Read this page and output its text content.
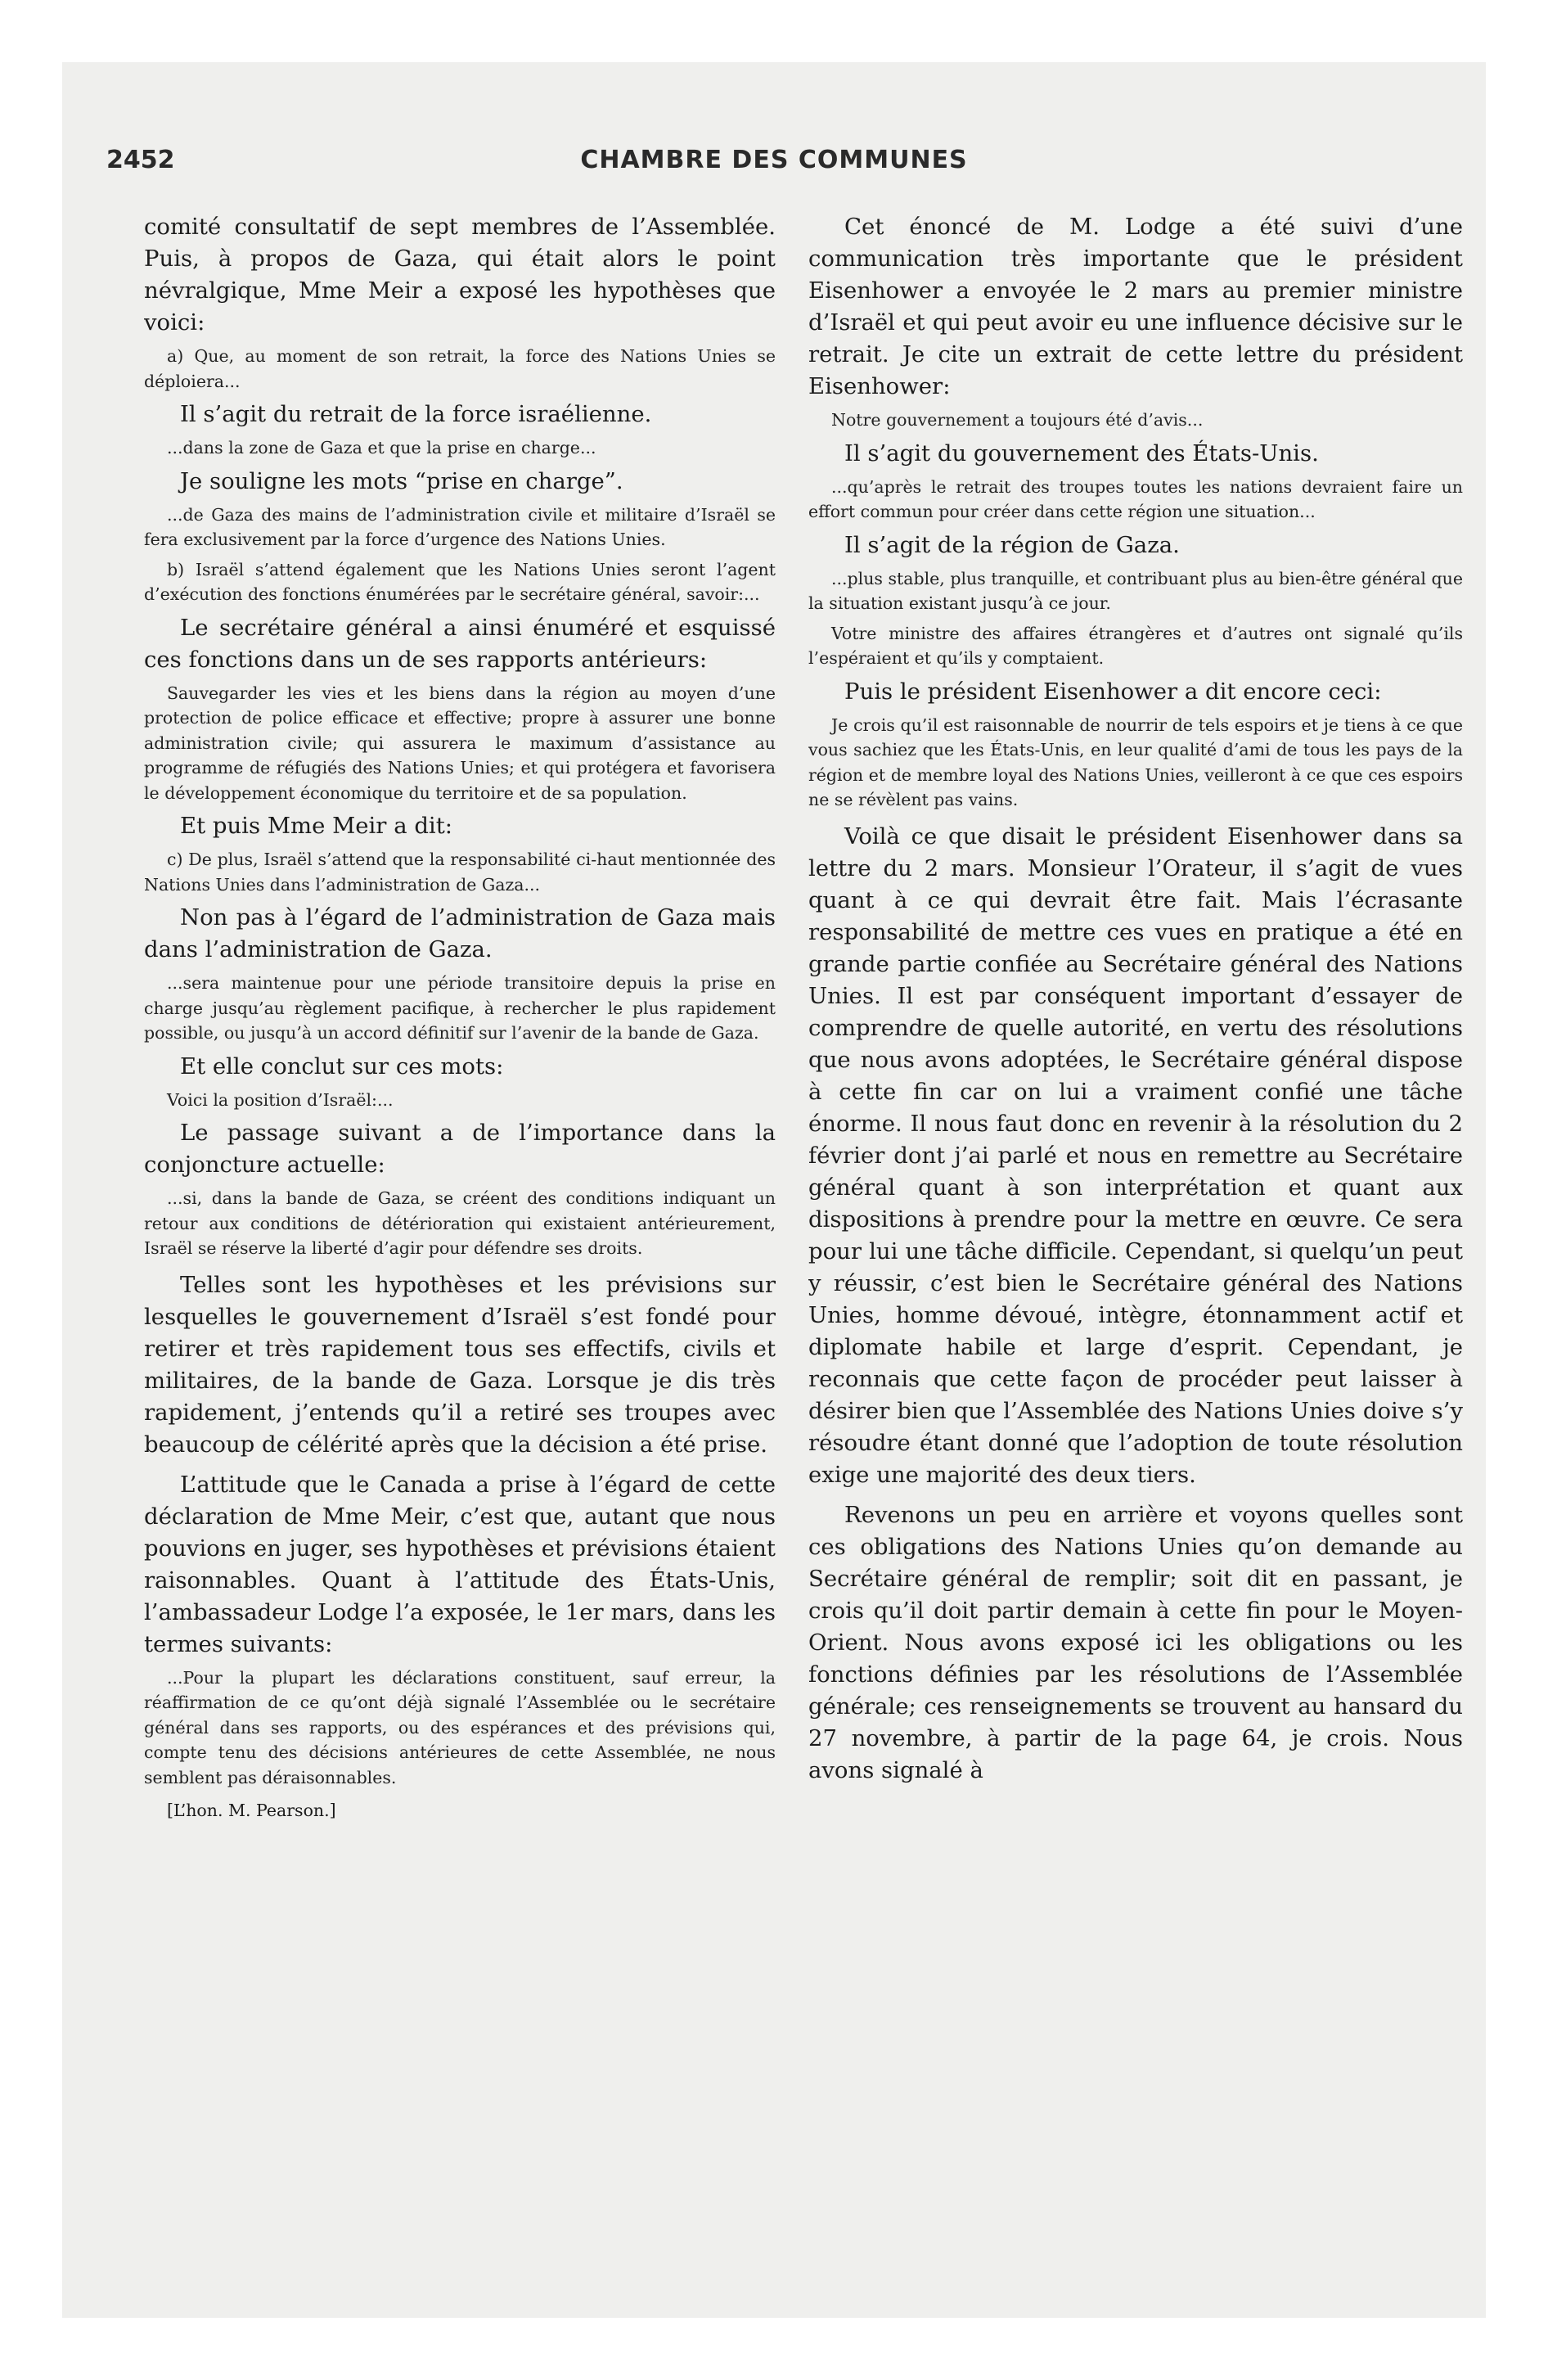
2452	CHAMBRE DES COMMUNES

comité consultatif de sept membres de l’Assemblée. Puis, à propos de Gaza, qui était alors le point névralgique, Mme Meir a exposé les hypothèses que voici:

a) Que, au moment de son retrait, la force des Nations Unies se déploiera...

Il s’agit du retrait de la force israélienne.

...dans la zone de Gaza et que la prise en charge...

Je souligne les mots “prise en charge”.

...de Gaza des mains de l’administration civile et militaire d’Israël se fera exclusivement par la force d’urgence des Nations Unies.

b) Israël s’attend également que les Nations Unies seront l’agent d’exécution des fonctions énumérées par le secrétaire général, savoir:...

Le secrétaire général a ainsi énuméré et esquissé ces fonctions dans un de ses rapports antérieurs:

Sauvegarder les vies et les biens dans la région au moyen d’une protection de police efficace et effective; propre à assurer une bonne administration civile; qui assurera le maximum d’assistance au programme de réfugiés des Nations Unies; et qui protégera et favorisera le développement économique du territoire et de sa population.

Et puis Mme Meir a dit:

c) De plus, Israël s’attend que la responsabilité ci-haut mentionnée des Nations Unies dans l’administration de Gaza...

Non pas à l’égard de l’administration de Gaza mais dans l’administration de Gaza.

...sera maintenue pour une période transitoire depuis la prise en charge jusqu’au règlement pacifique, à rechercher le plus rapidement possible, ou jusqu’à un accord définitif sur l’avenir de la bande de Gaza.

Et elle conclut sur ces mots:

Voici la position d’Israël:...

Le passage suivant a de l’importance dans la conjoncture actuelle:

...si, dans la bande de Gaza, se créent des conditions indiquant un retour aux conditions de détérioration qui existaient antérieurement, Israël se réserve la liberté d’agir pour défendre ses droits.

Telles sont les hypothèses et les prévisions sur lesquelles le gouvernement d’Israël s’est fondé pour retirer et très rapidement tous ses effectifs, civils et militaires, de la bande de Gaza. Lorsque je dis très rapidement, j’entends qu’il a retiré ses troupes avec beaucoup de célérité après que la décision a été prise.

L’attitude que le Canada a prise à l’égard de cette déclaration de Mme Meir, c’est que, autant que nous pouvions en juger, ses hypothèses et prévisions étaient raisonnables. Quant à l’attitude des États-Unis, l’ambassadeur Lodge l’a exposée, le 1er mars, dans les termes suivants:

...Pour la plupart les déclarations constituent, sauf erreur, la réaffirmation de ce qu’ont déjà signalé l’Assemblée ou le secrétaire général dans ses rapports, ou des espérances et des prévisions qui, compte tenu des décisions antérieures de cette Assemblée, ne nous semblent pas déraisonnables.

[L’hon. M. Pearson.]

Cet énoncé de M. Lodge a été suivi d’une communication très importante que le président Eisenhower a envoyée le 2 mars au premier ministre d’Israël et qui peut avoir eu une influence décisive sur le retrait. Je cite un extrait de cette lettre du président Eisenhower:

Notre gouvernement a toujours été d’avis...

Il s’agit du gouvernement des États-Unis.

...qu’après le retrait des troupes toutes les nations devraient faire un effort commun pour créer dans cette région une situation...

Il s’agit de la région de Gaza.

...plus stable, plus tranquille, et contribuant plus au bien-être général que la situation existant jusqu’à ce jour.

Votre ministre des affaires étrangères et d’autres ont signalé qu’ils l’espéraient et qu’ils y comptaient.

Puis le président Eisenhower a dit encore ceci:

Je crois qu’il est raisonnable de nourrir de tels espoirs et je tiens à ce que vous sachiez que les États-Unis, en leur qualité d’ami de tous les pays de la région et de membre loyal des Nations Unies, veilleront à ce que ces espoirs ne se révèlent pas vains.

Voilà ce que disait le président Eisenhower dans sa lettre du 2 mars. Monsieur l’Orateur, il s’agit de vues quant à ce qui devrait être fait. Mais l’écrasante responsabilité de mettre ces vues en pratique a été en grande partie confiée au Secrétaire général des Nations Unies. Il est par conséquent important d’essayer de comprendre de quelle autorité, en vertu des résolutions que nous avons adoptées, le Secrétaire général dispose à cette fin car on lui a vraiment confié une tâche énorme. Il nous faut donc en revenir à la résolution du 2 février dont j’ai parlé et nous en remettre au Secrétaire général quant à son interprétation et quant aux dispositions à prendre pour la mettre en œuvre. Ce sera pour lui une tâche difficile. Cependant, si quelqu’un peut y réussir, c’est bien le Secrétaire général des Nations Unies, homme dévoué, intègre, étonnamment actif et diplomate habile et large d’esprit. Cependant, je reconnais que cette façon de procéder peut laisser à désirer bien que l’Assemblée des Nations Unies doive s’y résoudre étant donné que l’adoption de toute résolution exige une majorité des deux tiers.

Revenons un peu en arrière et voyons quelles sont ces obligations des Nations Unies qu’on demande au Secrétaire général de remplir; soit dit en passant, je crois qu’il doit partir demain à cette fin pour le Moyen-Orient. Nous avons exposé ici les obligations ou les fonctions définies par les résolutions de l’Assemblée générale; ces renseignements se trouvent au hansard du 27 novembre, à partir de la page 64, je crois. Nous avons signalé à
